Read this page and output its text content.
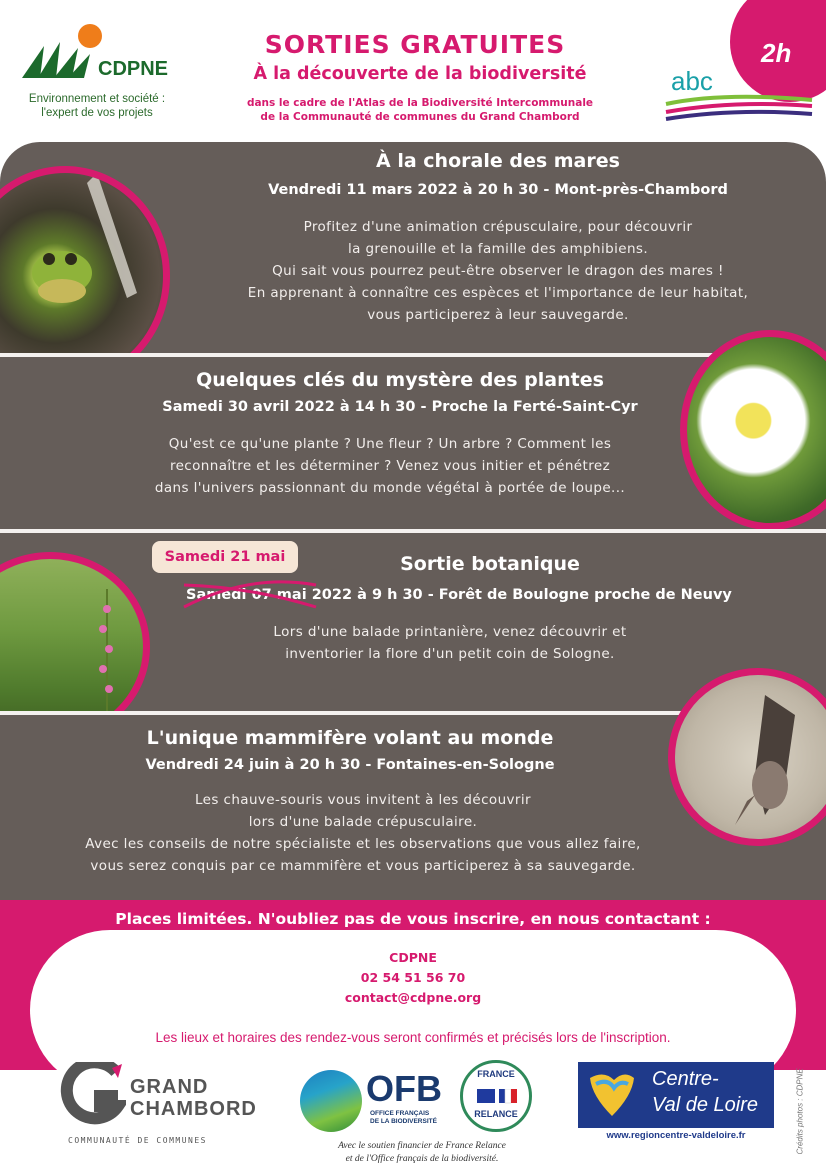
CDPNE
Environnement et société :
l'expert de vos projets
SORTIES GRATUITES
À la découverte de la biodiversité
dans le cadre de l'Atlas de la Biodiversité Intercommunale
de la Communauté de communes du Grand Chambord
2h
abc
À la chorale des mares
Vendredi 11 mars 2022 à 20 h 30 - Mont-près-Chambord
Profitez d'une animation crépusculaire, pour découvrir
la grenouille et la famille des amphibiens.
Qui sait vous pourrez peut-être observer le dragon des mares !
En apprenant à connaître ces espèces et l'importance de leur habitat,
vous participerez à leur sauvegarde.
Quelques clés du mystère des plantes
Samedi 30 avril 2022 à 14 h 30 - Proche la Ferté-Saint-Cyr
Qu'est ce qu'une plante ? Une fleur ? Un arbre ? Comment les
reconnaître et les déterminer ? Venez vous initier et pénétrez
dans l'univers passionnant du monde végétal à portée de loupe...
Sortie botanique
Samedi 07 mai 2022 à 9 h 30 - Forêt de Boulogne proche de Neuvy
Samedi 21 mai
Lors d'une balade printanière, venez découvrir et
inventorier la flore d'un petit coin de Sologne.
L'unique mammifère volant au monde
Vendredi 24 juin à 20 h 30 - Fontaines-en-Sologne
Les chauve-souris vous invitent à les découvrir
lors d'une balade crépusculaire.
Avec les conseils de notre spécialiste et les observations que vous allez faire,
vous serez conquis par ce mammifère et vous participerez à sa sauvegarde.
Places limitées. N'oubliez pas de vous inscrire, en nous contactant :
CDPNE
02 54 51 56 70
contact@cdpne.org
Les lieux et horaires des rendez-vous seront confirmés et précisés lors de l'inscription.
GRAND
CHAMBORD
COMMUNAUTÉ DE COMMUNES
OFB
OFFICE FRANÇAIS
DE LA BIODIVERSITÉ
FRANCE
RELANCE
Avec le soutien financier de France Relance
et de l'Office français de la biodiversité.
Centre-
Val de Loire
www.regioncentre-valdeloire.fr	Crédits photos : CDPNE
